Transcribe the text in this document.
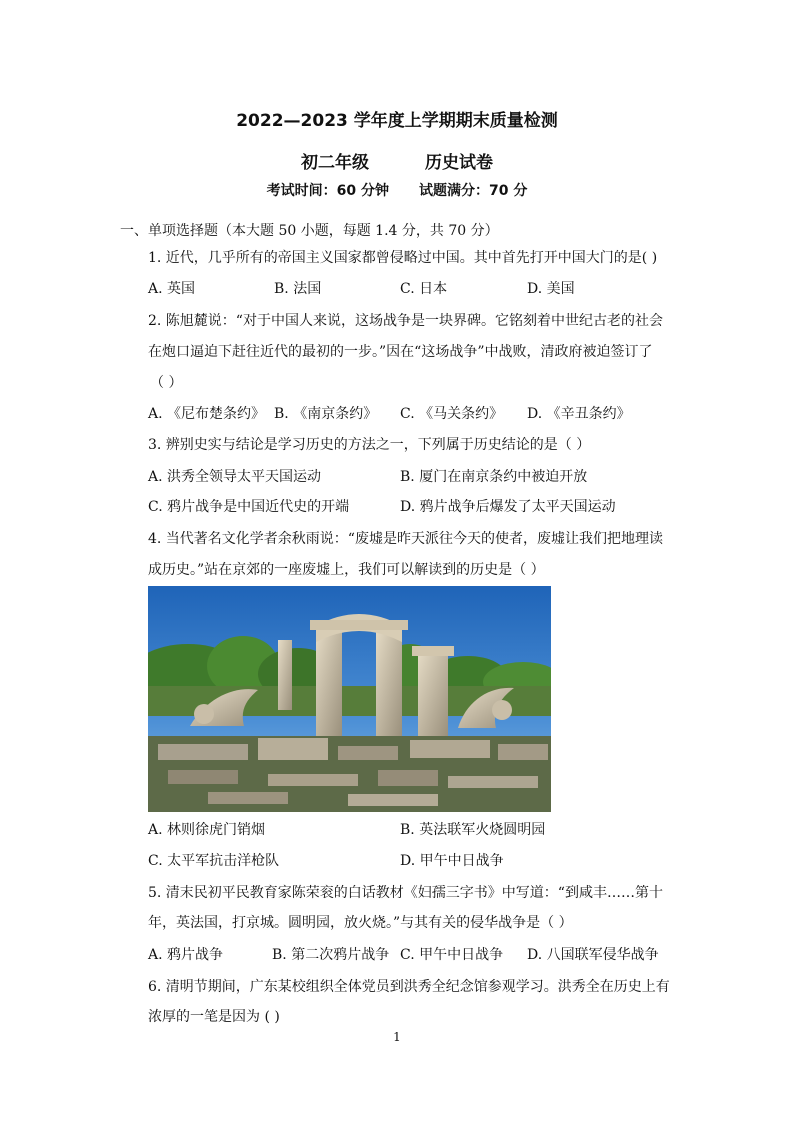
2022—2023 学年度上学期期末质量检测
初二年级	历史试卷
考试时间：60 分钟 试题满分：70 分
一、单项选择题（本大题 50 小题，每题 1.4 分，共 70 分）
1. 近代，几乎所有的帝国主义国家都曾侵略过中国。其中首先打开中国大门的是( )
A. 英国	B. 法国	C. 日本	D. 美国
2. 陈旭麓说：“对于中国人来说，这场战争是一块界碑。它铭刻着中世纪古老的社会
在炮口逼迫下赶往近代的最初的一步。”因在“这场战争”中战败，清政府被迫签订了
（ ）
A. 《尼布楚条约》 B. 《南京条约》 C. 《马关条约》 D. 《辛丑条约》
3. 辨别史实与结论是学习历史的方法之一，下列属于历史结论的是（ ）
A. 洪秀全领导太平天国运动	B. 厦门在南京条约中被迫开放
C. 鸦片战争是中国近代史的开端	D. 鸦片战争后爆发了太平天国运动
4. 当代著名文化学者余秋雨说：“废墟是昨天派往今天的使者，废墟让我们把地理读
成历史。”站在京郊的一座废墟上，我们可以解读到的历史是（ ）
A. 林则徐虎门销烟	B. 英法联军火烧圆明园
C. 太平军抗击洋枪队	D. 甲午中日战争
5. 清末民初平民教育家陈荣衮的白话教材《妇孺三字书》中写道：“到咸丰……第十
年，英法国，打京城。圆明园，放火烧。”与其有关的侵华战争是（ ）
A. 鸦片战争	B. 第二次鸦片战争 C. 甲午中日战争 D. 八国联军侵华战争
6. 清明节期间，广东某校组织全体党员到洪秀全纪念馆参观学习。洪秀全在历史上有
浓厚的一笔是因为 ( )
1
